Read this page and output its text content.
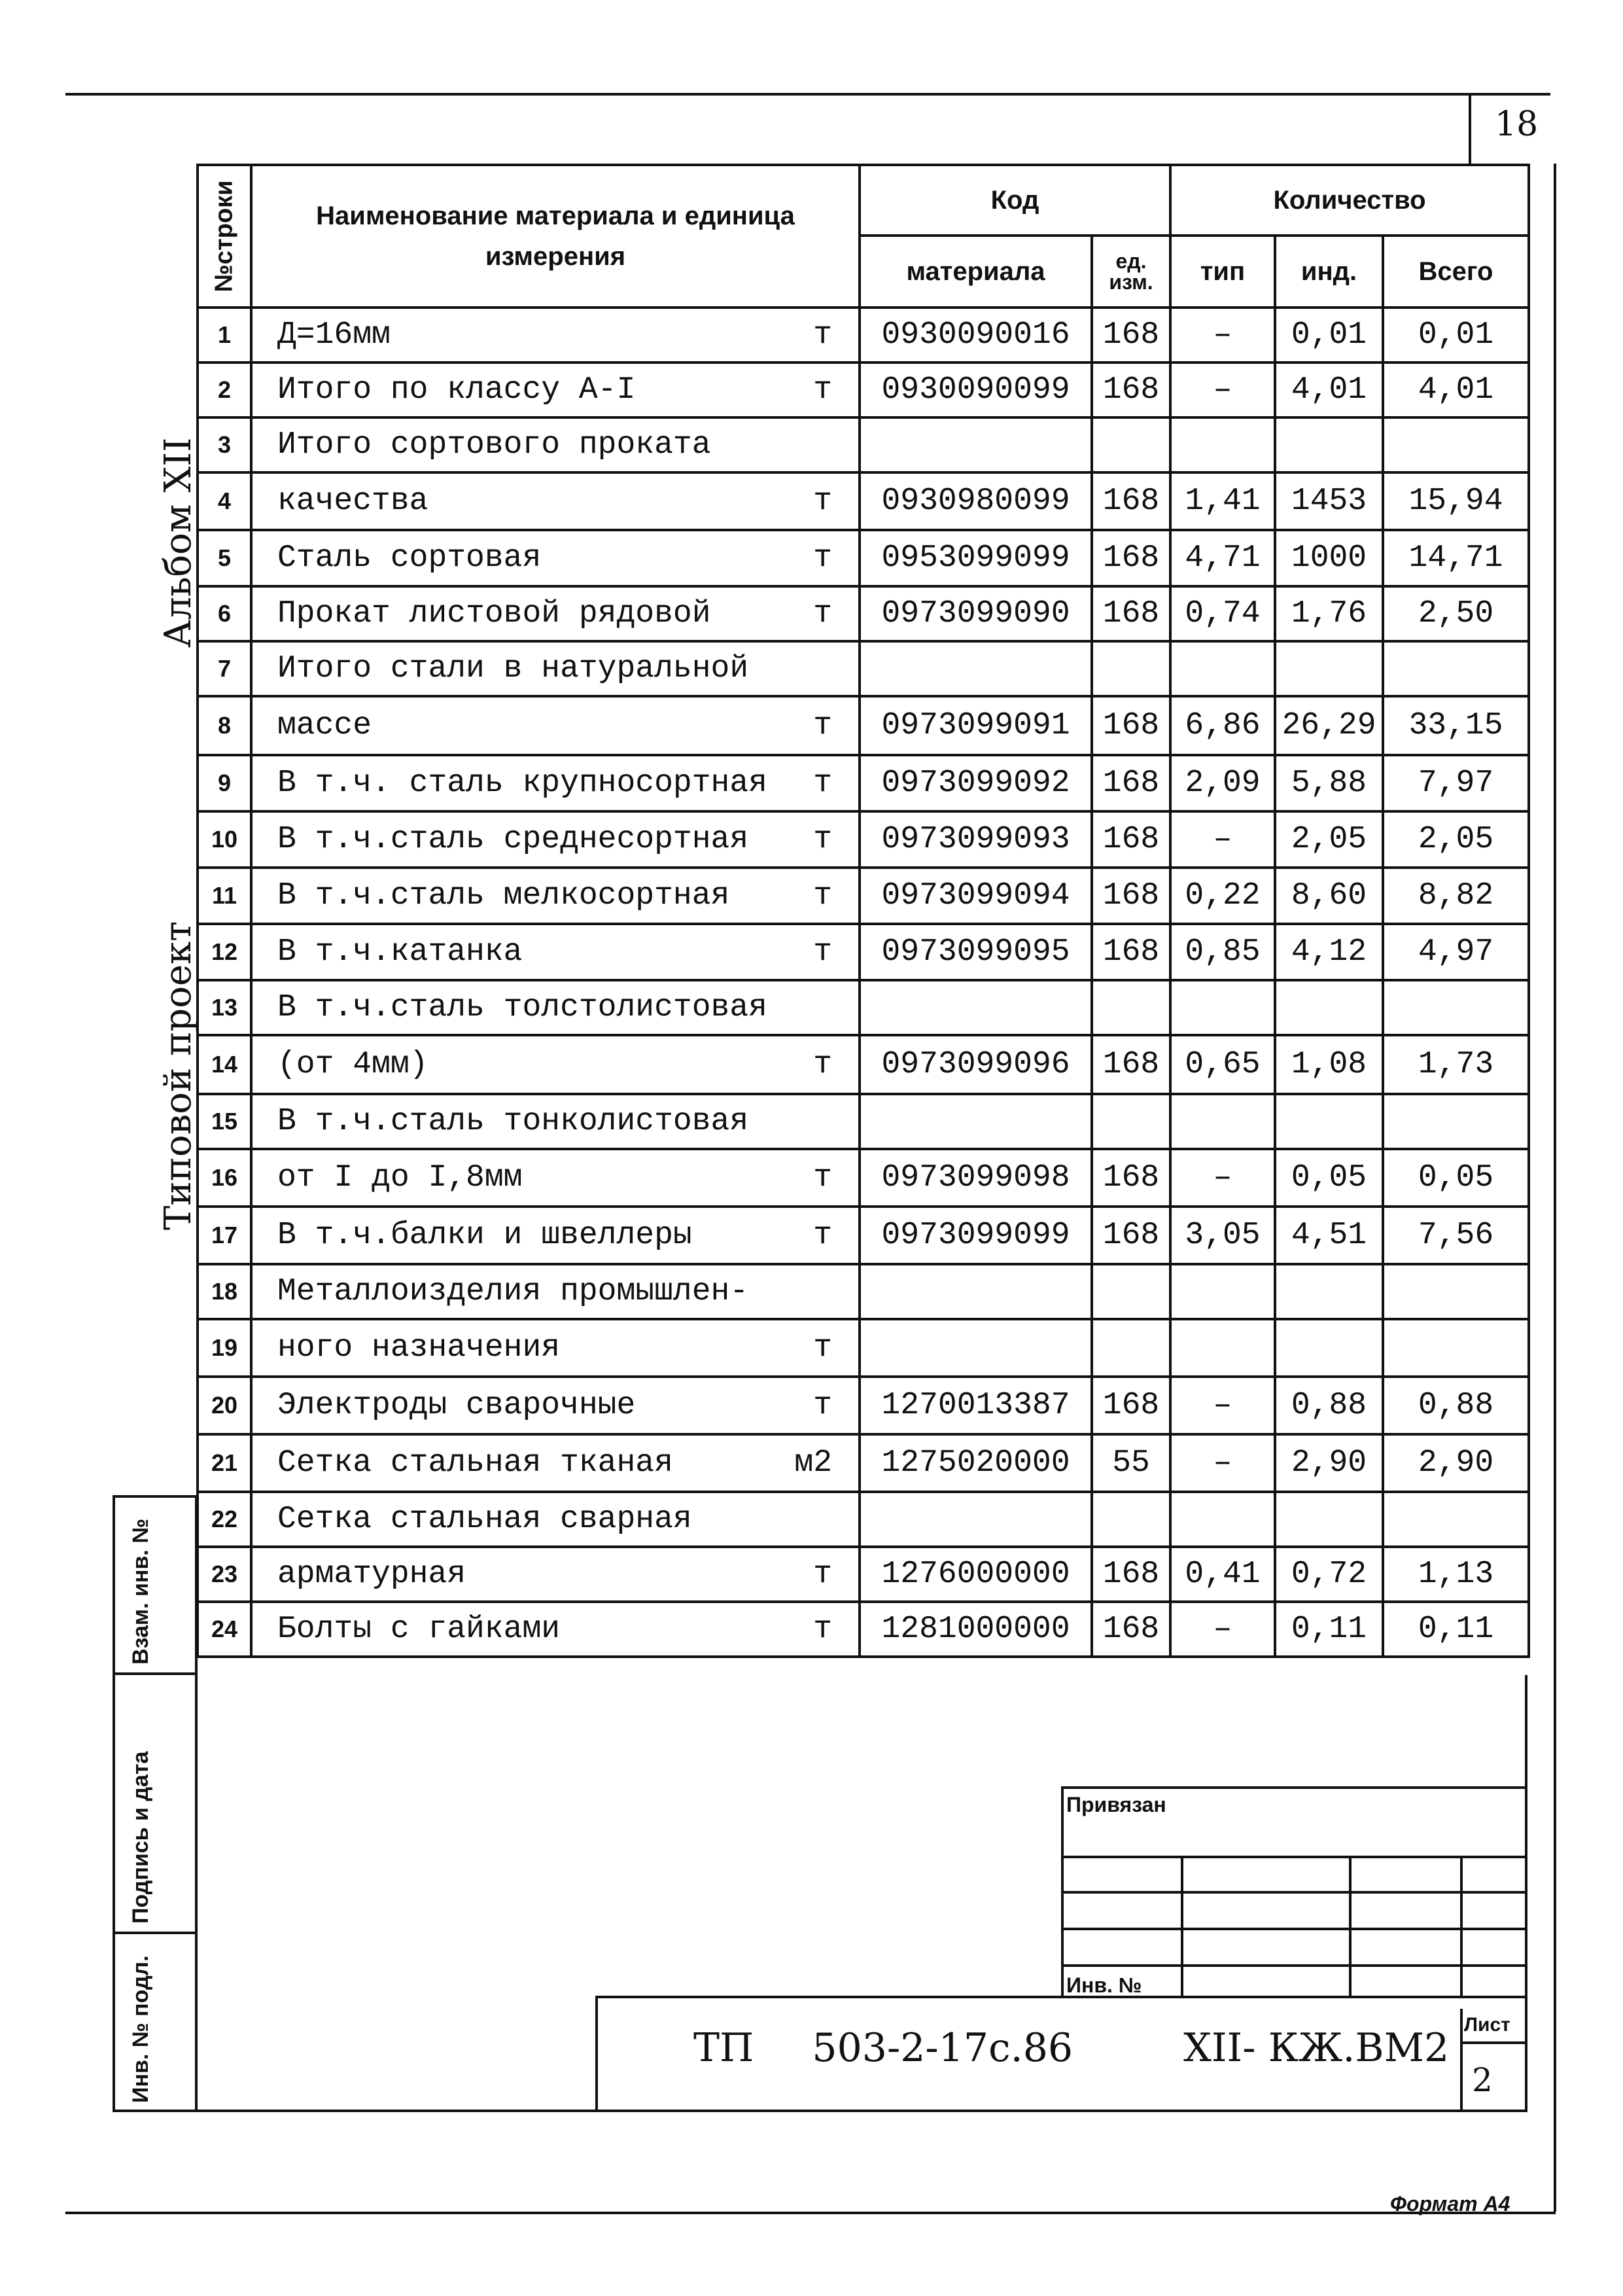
18
Альбом XII
Типовой проект
Взам. инв. №
Подпись и дата
Инв. № подл.
№строки	Наименование материала и единица измерения	Код		Количество		
		материала	ед. изм.	тип	инд.	Всего
1	Д=16мм т	0930090016	168	–	0,01	0,01
2	Итого по классу А-I т	0930090099	168	–	4,01	4,01
3	Итого сортового проката

4	качества т	0930980099	168	1,41	1453	15,94
5	Сталь сортовая т	0953099099	168	4,71	1000	14,71
6	Прокат листовой рядовой т	0973099090	168	0,74	1,76	2,50
7	Итого стали в натуральной

8	массе т	0973099091	168	6,86	26,29	33,15
9	В т.ч. сталь крупносортная т	0973099092	168	2,09	5,88	7,97
10	В т.ч.сталь среднесортная т	0973099093	168	–	2,05	2,05
11	В т.ч.сталь мелкосортная т	0973099094	168	0,22	8,60	8,82
12	В т.ч.катанка т	0973099095	168	0,85	4,12	4,97
13	В т.ч.сталь толстолистовая

14	(от 4мм) т	0973099096	168	0,65	1,08	1,73
15	В т.ч.сталь тонколистовая

16	от I до I,8мм т	0973099098	168	–	0,05	0,05
17	В т.ч.балки и швеллеры т	0973099099	168	3,05	4,51	7,56
18	Металлоизделия промышлен-

19	ного назначения т					

20	Электроды сварочные т	1270013387	168	–	0,88	0,88
21	Сетка стальная тканая м2	1275020000	55	–	2,90	2,90
22	Сетка стальная сварная

23	арматурная т	1276000000	168	0,41	0,72	1,13
24	Болты с гайками т	1281000000	168	–	0,11	0,11
Привязан
Инв. №
ТП 503-2-17с.86	XII- КЖ.ВМ2
Лист
2
Формат А4
